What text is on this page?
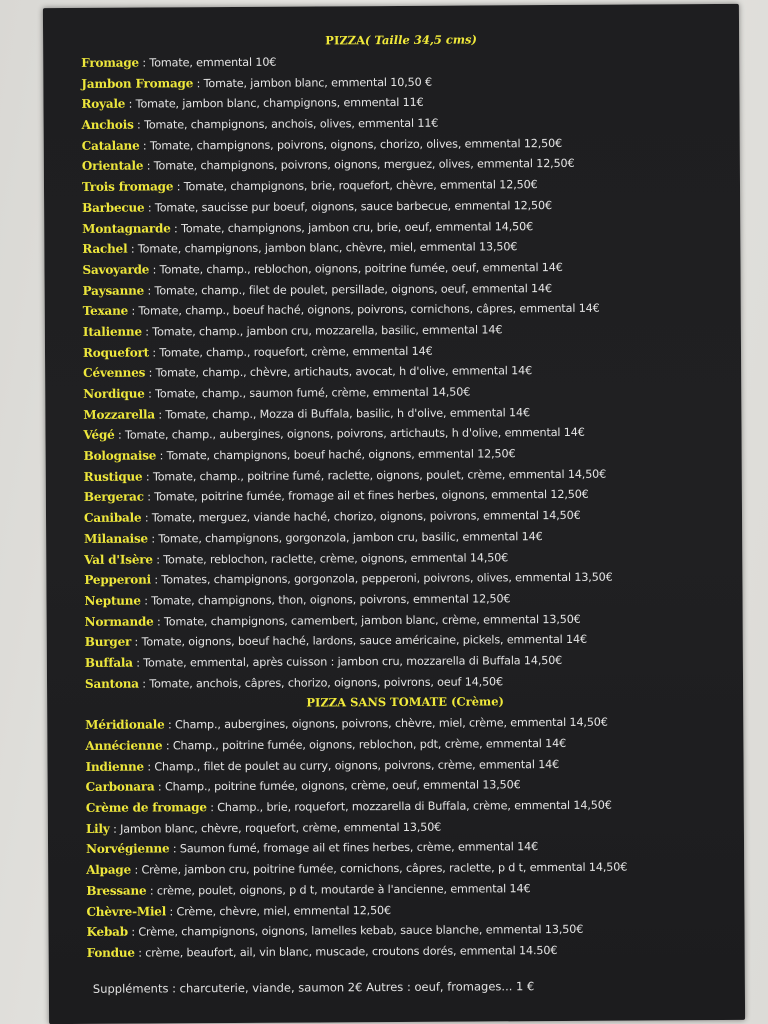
PIZZA( Taille 34,5 cms)
Fromage : Tomate, emmental 10€
Jambon Fromage : Tomate, jambon blanc, emmental 10,50 €
Royale : Tomate, jambon blanc, champignons, emmental 11€
Anchois : Tomate, champignons, anchois, olives, emmental 11€
Catalane : Tomate, champignons, poivrons, oignons, chorizo, olives, emmental 12,50€
Orientale : Tomate, champignons, poivrons, oignons, merguez, olives, emmental 12,50€
Trois fromage : Tomate, champignons, brie, roquefort, chèvre, emmental 12,50€
Barbecue : Tomate, saucisse pur boeuf, oignons, sauce barbecue, emmental 12,50€
Montagnarde : Tomate, champignons, jambon cru, brie, oeuf, emmental 14,50€
Rachel : Tomate, champignons, jambon blanc, chèvre, miel, emmental 13,50€
Savoyarde : Tomate, champ., reblochon, oignons, poitrine fumée, oeuf, emmental 14€
Paysanne : Tomate, champ., filet de poulet, persillade, oignons, oeuf, emmental 14€
Texane : Tomate, champ., boeuf haché, oignons, poivrons, cornichons, câpres, emmental 14€
Italienne : Tomate, champ., jambon cru, mozzarella, basilic, emmental 14€
Roquefort : Tomate, champ., roquefort, crème, emmental 14€
Cévennes : Tomate, champ., chèvre, artichauts, avocat, h d'olive, emmental 14€
Nordique : Tomate, champ., saumon fumé, crème, emmental 14,50€
Mozzarella : Tomate, champ., Mozza di Buffala, basilic, h d'olive, emmental 14€
Végé : Tomate, champ., aubergines, oignons, poivrons, artichauts, h d'olive, emmental 14€
Bolognaise : Tomate, champignons, boeuf haché, oignons, emmental 12,50€
Rustique : Tomate, champ., poitrine fumé, raclette, oignons, poulet, crème, emmental 14,50€
Bergerac : Tomate, poitrine fumée, fromage ail et fines herbes, oignons, emmental 12,50€
Canibale : Tomate, merguez, viande haché, chorizo, oignons, poivrons, emmental 14,50€
Milanaise : Tomate, champignons, gorgonzola, jambon cru, basilic, emmental 14€
Val d'Isère : Tomate, reblochon, raclette, crème, oignons, emmental 14,50€
Pepperoni : Tomates, champignons, gorgonzola, pepperoni, poivrons, olives, emmental 13,50€
Neptune : Tomate, champignons, thon, oignons, poivrons, emmental 12,50€
Normande : Tomate, champignons, camembert, jambon blanc, crème, emmental 13,50€
Burger : Tomate, oignons, boeuf haché, lardons, sauce américaine, pickels, emmental 14€
Buffala : Tomate, emmental, après cuisson : jambon cru, mozzarella di Buffala 14,50€
Santona : Tomate, anchois, câpres, chorizo, oignons, poivrons, oeuf 14,50€
PIZZA SANS TOMATE (Crème)
Méridionale : Champ., aubergines, oignons, poivrons, chèvre, miel, crème, emmental 14,50€
Annécienne : Champ., poitrine fumée, oignons, reblochon, pdt, crème, emmental 14€
Indienne : Champ., filet de poulet au curry, oignons, poivrons, crème, emmental 14€
Carbonara : Champ., poitrine fumée, oignons, crème, oeuf, emmental 13,50€
Crème de fromage : Champ., brie, roquefort, mozzarella di Buffala, crème, emmental 14,50€
Lily : Jambon blanc, chèvre, roquefort, crème, emmental 13,50€
Norvégienne : Saumon fumé, fromage ail et fines herbes, crème, emmental 14€
Alpage : Crème, jambon cru, poitrine fumée, cornichons, câpres, raclette, p d t, emmental 14,50€
Bressane : crème, poulet, oignons, p d t, moutarde à l'ancienne, emmental 14€
Chèvre-Miel : Crème, chèvre, miel, emmental 12,50€
Kebab : Crème, champignons, oignons, lamelles kebab, sauce blanche, emmental 13,50€
Fondue : crème, beaufort, ail, vin blanc, muscade, croutons dorés, emmental 14.50€
Suppléments : charcuterie, viande, saumon 2€ Autres : oeuf, fromages... 1 €
